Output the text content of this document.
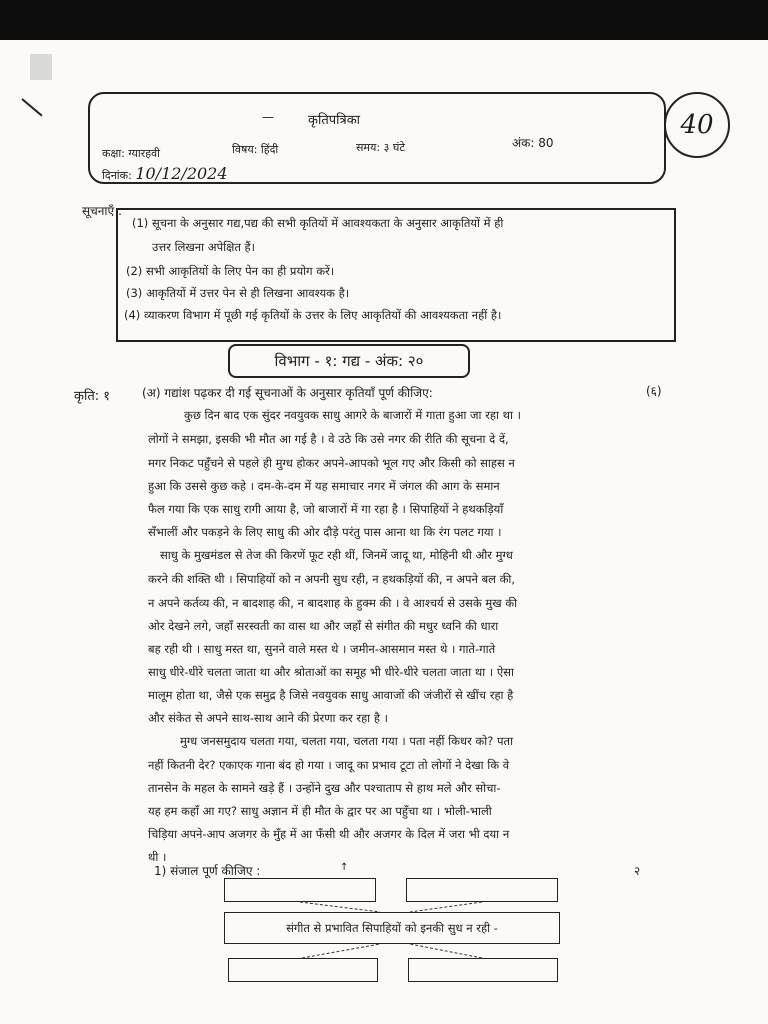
—	कृतिपत्रिका
कक्षा: ग्यारहवी	विषय: हिंदी	समय: ३ घंटे	अंक: 80
दिनांक: 10/12/2024
40
सूचनाएँ :
(1) सूचना के अनुसार गद्य,पद्य की सभी कृतियों में आवश्यकता के अनुसार आकृतियों में ही
उत्तर लिखना अपेक्षित हैं।
(2) सभी आकृतियों के लिए पेन का ही प्रयोग करें।
(3) आकृतियों में उत्तर पेन से ही लिखना आवश्यक है।
(4) व्याकरण विभाग में पूछी गई कृतियों के उत्तर के लिए आकृतियों की आवश्यकता नहीं है।
विभाग - १: गद्य - अंक: २०
कृति: १	(अ) गद्यांश पढ़कर दी गई सूचनाओं के अनुसार कृतियाँ पूर्ण कीजिए:	(६)
कुछ दिन बाद एक सुंदर नवयुवक साधु आगरे के बाजारों में गाता हुआ जा रहा था ।
लोगों ने समझा, इसकी भी मौत आ गई है । वे उठे कि उसे नगर की रीति की सूचना दे दें,
मगर निकट पहुँचने से पहले ही मुग्ध होकर अपने-आपको भूल गए और किसी को साहस न
हुआ कि उससे कुछ कहे । दम-के-दम में यह समाचार नगर में जंगल की आग के समान
फैल गया कि एक साधु रागी आया है, जो बाजारों में गा रहा है । सिपाहियों ने हथकड़ियाँ
सँभालीं और पकड़ने के लिए साधु की ओर दौड़े परंतु पास आना था कि रंग पलट गया ।
साधु के मुखमंडल से तेज की किरणें फूट रही थीं, जिनमें जादू था, मोहिनी थी और मुग्ध
करने की शक्ति थी । सिपाहियों को न अपनी सुध रही, न हथकड़ियों की, न अपने बल की,
न अपने कर्तव्य की, न बादशाह की, न बादशाह के हुक्म की । वे आश्चर्य से उसके मुख की
ओर देखने लगे, जहाँ सरस्वती का वास था और जहाँ से संगीत की मधुर ध्वनि की धारा
बह रही थी । साधु मस्त था, सुनने वाले मस्त थे । जमीन-आसमान मस्त थे । गाते-गाते
साधु धीरे-धीरे चलता जाता था और श्रोताओं का समूह भी धीरे-धीरे चलता जाता था । ऐसा
मालूम होता था, जैसे एक समुद्र है जिसे नवयुवक साधु आवाजों की जंजीरों से खींच रहा है
और संकेत से अपने साथ-साथ आने की प्रेरणा कर रहा है ।
मुग्ध जनसमुदाय चलता गया, चलता गया, चलता गया । पता नहीं किधर को? पता
नहीं कितनी देर? एकाएक गाना बंद हो गया । जादू का प्रभाव टूटा तो लोगों ने देखा कि वे
तानसेन के महल के सामने खड़े हैं । उन्होंने दुख और पश्चाताप से हाथ मले और सोचा-
यह हम कहाँ आ गए? साधु अज्ञान में ही मौत के द्वार पर आ पहुँचा था । भोली-भाली
चिड़िया अपने-आप अजगर के मुँह में आ फँसी थी और अजगर के दिल में जरा भी दया न
थी ।
1) संजाल पूर्ण कीजिए :	↑	२
संगीत से प्रभावित सिपाहियों को इनकी सुध न रही -
